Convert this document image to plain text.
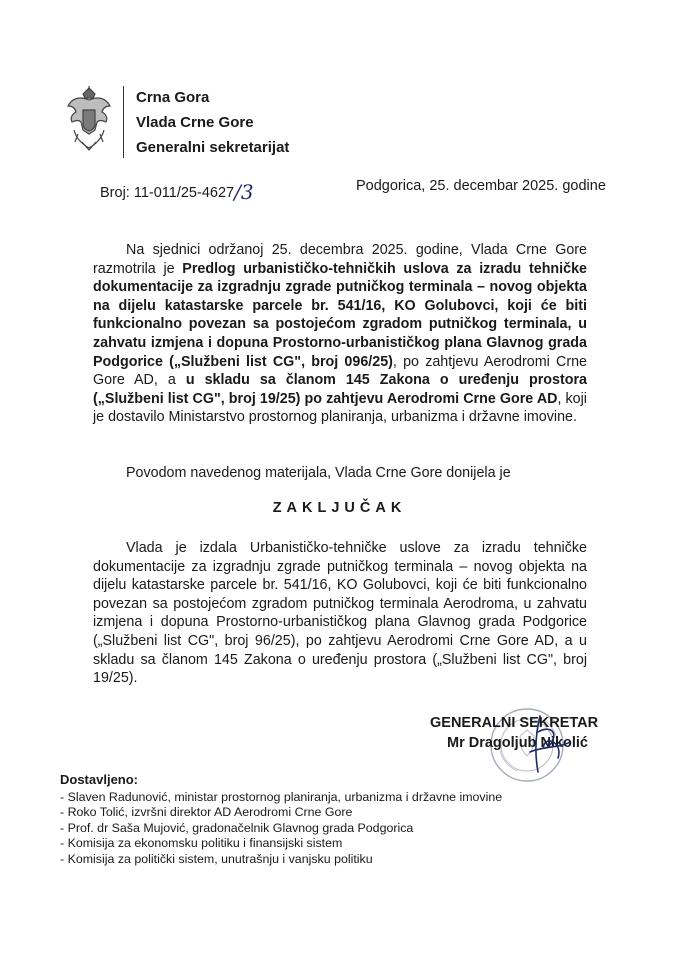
Crna Gora
Vlada Crne Gore
Generalni sekretarijat
Broj: 11-011/25-4627/3	Podgorica, 25. decembar 2025. godine
Na sjednici održanoj 25. decembra 2025. godine, Vlada Crne Gore razmotrila je Predlog urbanističko-tehničkih uslova za izradu tehničke dokumentacije za izgradnju zgrade putničkog terminala – novog objekta na dijelu katastarske parcele br. 541/16, KO Golubovci, koji će biti funkcionalno povezan sa postojećom zgradom putničkog terminala, u zahvatu izmjena i dopuna Prostorno-urbanističkog plana Glavnog grada Podgorice („Službeni list CG", broj 096/25), po zahtjevu Aerodromi Crne Gore AD, a u skladu sa članom 145 Zakona o uređenju prostora („Službeni list CG", broj 19/25) po zahtjevu Aerodromi Crne Gore AD, koji je dostavilo Ministarstvo prostornog planiranja, urbanizma i državne imovine.
Povodom navedenog materijala, Vlada Crne Gore donijela je
ZAKLJUČAK
Vlada je izdala Urbanističko-tehničke uslove za izradu tehničke dokumentacije za izgradnju zgrade putničkog terminala – novog objekta na dijelu katastarske parcele br. 541/16, KO Golubovci, koji će biti funkcionalno povezan sa postojećom zgradom putničkog terminala Aerodroma, u zahvatu izmjena i dopuna Prostorno-urbanističkog plana Glavnog grada Podgorice („Službeni list CG", broj 96/25), po zahtjevu Aerodromi Crne Gore AD, a u skladu sa članom 145 Zakona o uređenju prostora („Službeni list CG", broj 19/25).
GENERALNI SEKRETAR
Mr Dragoljub Nikolić
Dostavljeno:
- Slaven Radunović, ministar prostornog planiranja, urbanizma i državne imovine
- Roko Tolić, izvršni direktor AD Aerodromi Crne Gore
- Prof. dr Saša Mujović, gradonačelnik Glavnog grada Podgorica
- Komisija za ekonomsku politiku i finansijski sistem
- Komisija za politički sistem, unutrašnju i vanjsku politiku
